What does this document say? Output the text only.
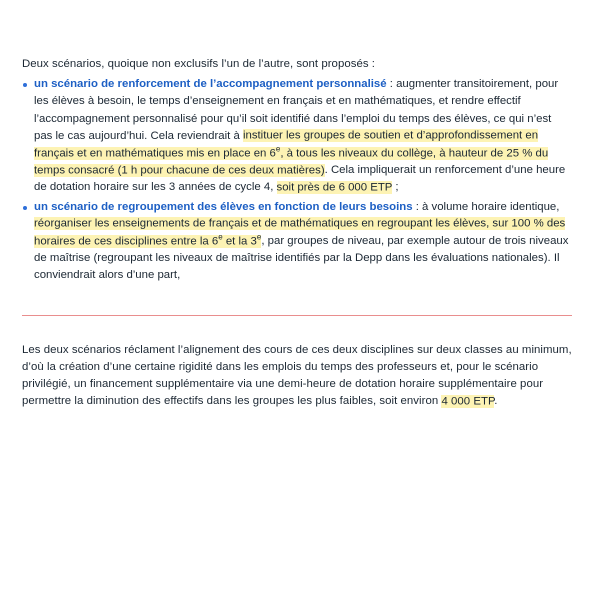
Deux scénarios, quoique non exclusifs l’un de l’autre, sont proposés :

un scénario de renforcement de l’accompagnement personnalisé : augmenter transitoirement, pour les élèves à besoin, le temps d’enseignement en français et en mathématiques, et rendre effectif l’accompagnement personnalisé pour qu’il soit identifié dans l’emploi du temps des élèves, ce qui n’est pas le cas aujourd’hui. Cela reviendrait à instituer les groupes de soutien et d’approfondissement en français et en mathématiques mis en place en 6e, à tous les niveaux du collège, à hauteur de 25 % du temps consacré (1 h pour chacune de ces deux matières). Cela impliquerait un renforcement d’une heure de dotation horaire sur les 3 années de cycle 4, soit près de 6 000 ETP ;
un scénario de regroupement des élèves en fonction de leurs besoins : à volume horaire identique, réorganiser les enseignements de français et de mathématiques en regroupant les élèves, sur 100 % des horaires de ces disciplines entre la 6e et la 3e, par groupes de niveau, par exemple autour de trois niveaux de maîtrise (regroupant les niveaux de maîtrise identifiés par la Depp dans les évaluations nationales). Il conviendrait alors d’une part,

Les deux scénarios réclament l’alignement des cours de ces deux disciplines sur deux classes au minimum, d’où la création d’une certaine rigidité dans les emplois du temps des professeurs et, pour le scénario privilégié, un financement supplémentaire via une demi-heure de dotation horaire supplémentaire pour permettre la diminution des effectifs dans les groupes les plus faibles, soit environ 4 000 ETP.
